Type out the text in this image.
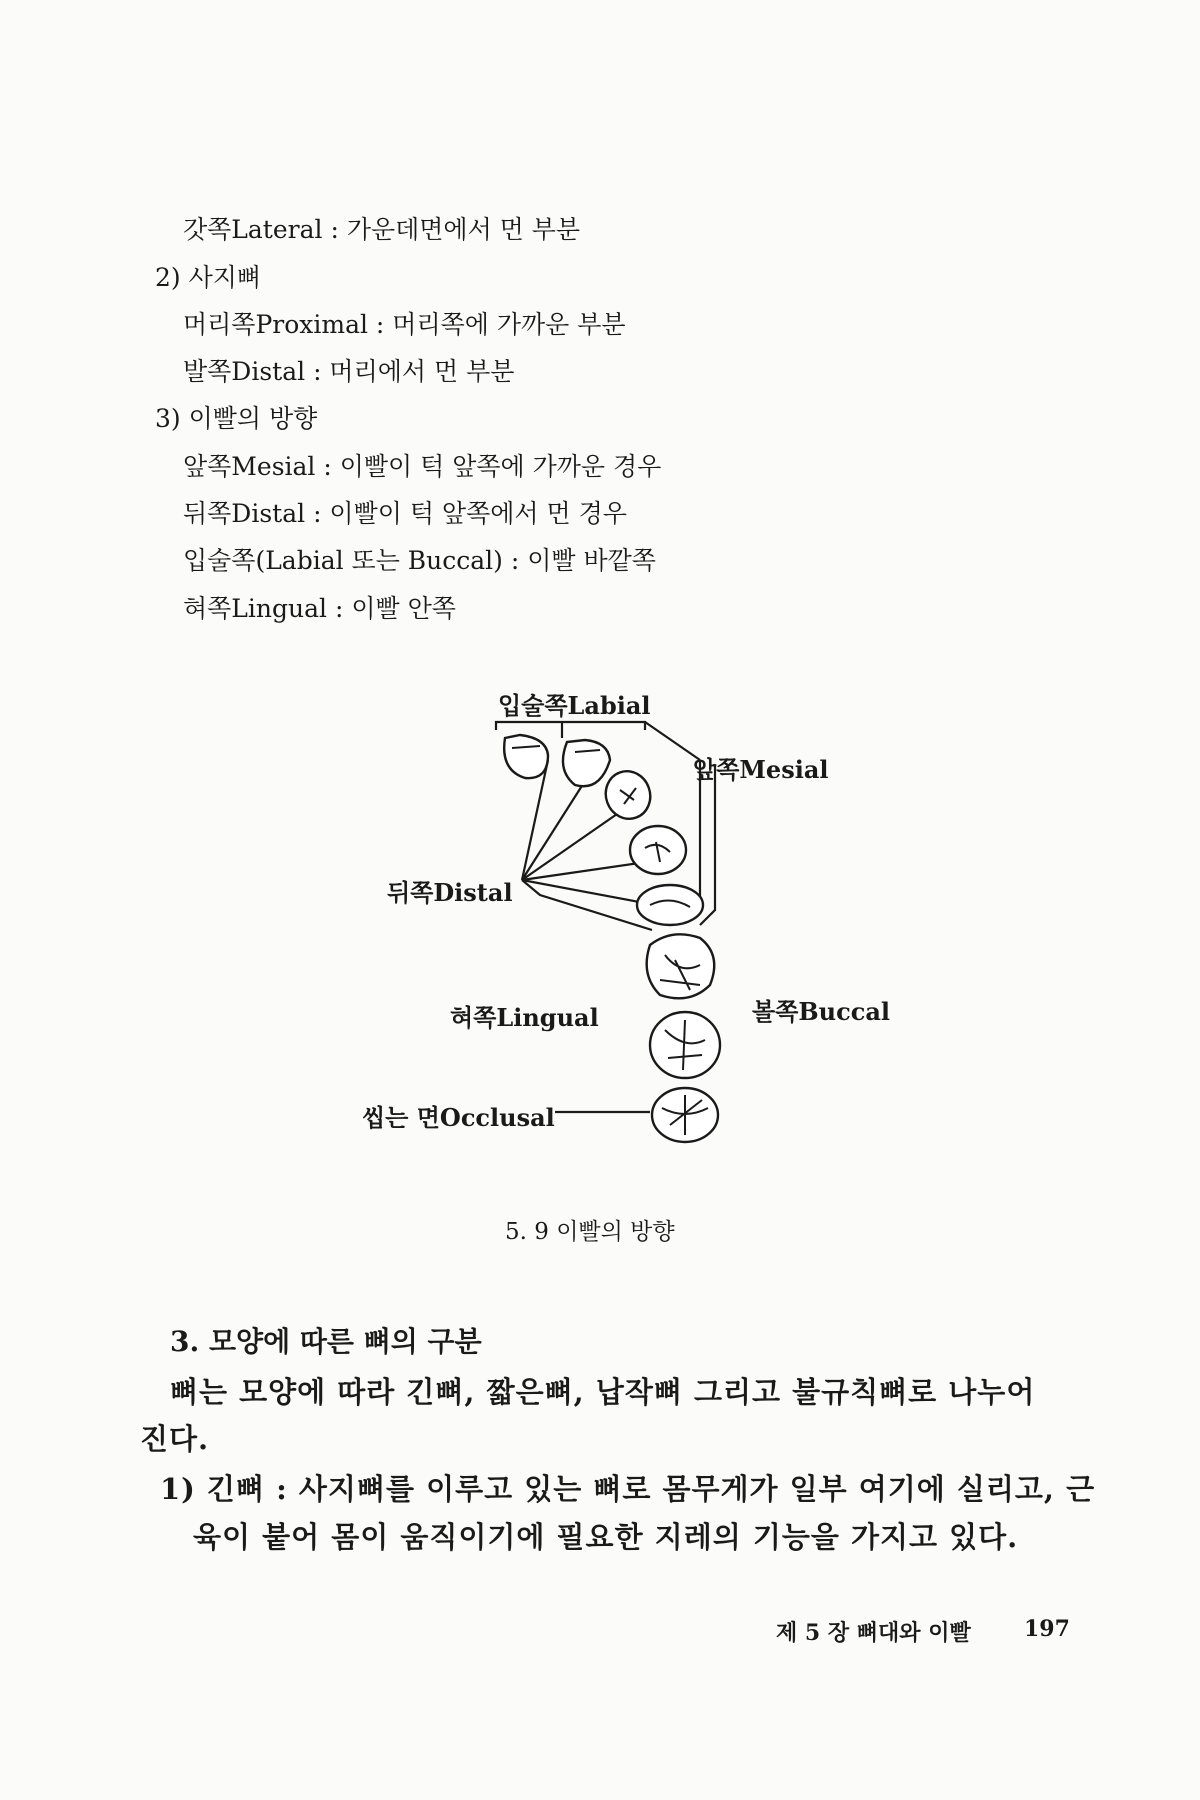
갓쪽Lateral : 가운데면에서 먼 부분
2) 사지뼈
머리쪽Proximal : 머리쪽에 가까운 부분
발쪽Distal : 머리에서 먼 부분
3) 이빨의 방향
앞쪽Mesial : 이빨이 턱 앞쪽에 가까운 경우
뒤쪽Distal : 이빨이 턱 앞쪽에서 먼 경우
입술쪽(Labial 또는 Buccal) : 이빨 바깥쪽
혀쪽Lingual : 이빨 안쪽
입술쪽Labial
앞쪽Mesial
뒤쪽Distal
혀쪽Lingual	볼쪽Buccal
씹는 면Occlusal
5. 9 이빨의 방향
3. 모양에 따른 뼈의 구분
뼈는 모양에 따라 긴뼈, 짧은뼈, 납작뼈 그리고 불규칙뼈로 나누어
진다.
1) 긴뼈 : 사지뼈를 이루고 있는 뼈로 몸무게가 일부 여기에 실리고, 근
육이 붙어 몸이 움직이기에 필요한 지레의 기능을 가지고 있다.
제 5 장 뼈대와 이빨 197
